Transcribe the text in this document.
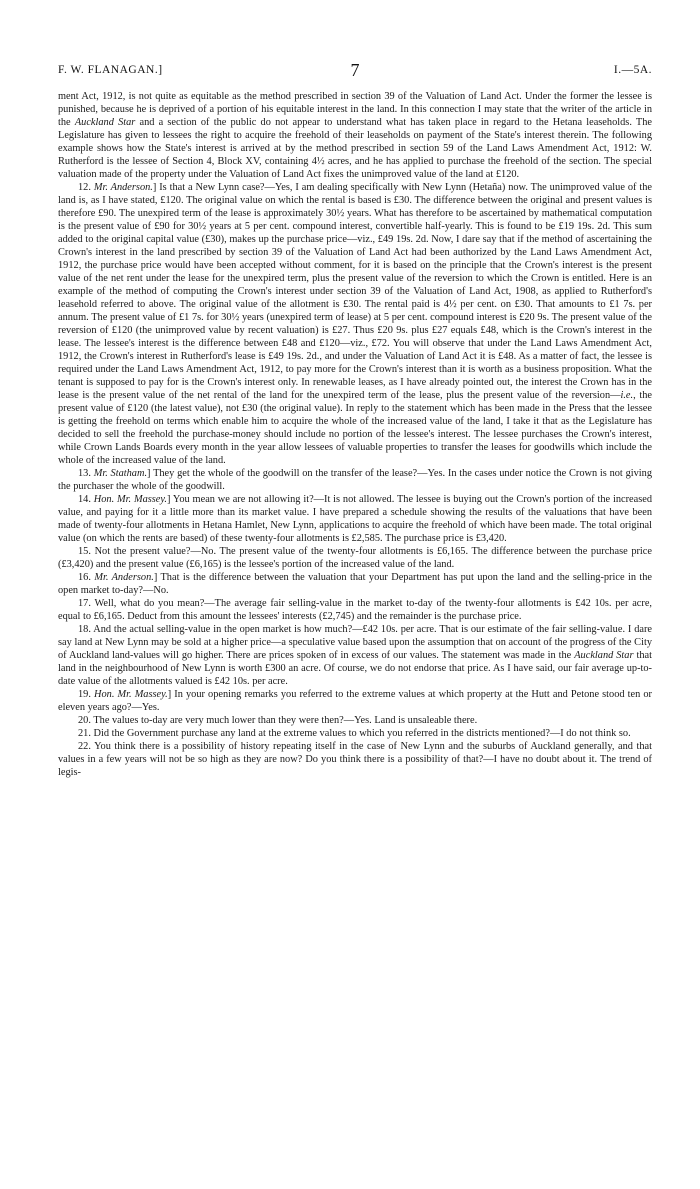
F. W. FLANAGAN.]	7	I.—5A.

ment Act, 1912, is not quite as equitable as the method prescribed in section 39 of the Valuation of Land Act. Under the former the lessee is punished, because he is deprived of a portion of his equitable interest in the land. In this connection I may state that the writer of the article in the Auckland Star and a section of the public do not appear to understand what has taken place in regard to the Hetana leaseholds. The Legislature has given to lessees the right to acquire the freehold of their leaseholds on payment of the State's interest therein. The following example shows how the State's interest is arrived at by the method prescribed in section 59 of the Land Laws Amendment Act, 1912: W. Rutherford is the lessee of Section 4, Block XV, containing 4½ acres, and he has applied to purchase the freehold of the section. The special valuation made of the property under the Valuation of Land Act fixes the unimproved value of the land at £120.

12. Mr. Anderson.] Is that a New Lynn case?—Yes, I am dealing specifically with New Lynn (Hetaña) now. The unimproved value of the land is, as I have stated, £120. The original value on which the rental is based is £30. The difference between the original and present values is therefore £90. The unexpired term of the lease is approximately 30½ years. What has therefore to be ascertained by mathematical computation is the present value of £90 for 30½ years at 5 per cent. compound interest, convertible half-yearly. This is found to be £19 19s. 2d. This sum added to the original capital value (£30), makes up the purchase price—viz., £49 19s. 2d. Now, I dare say that if the method of ascertaining the Crown's interest in the land prescribed by section 39 of the Valuation of Land Act had been authorized by the Land Laws Amendment Act, 1912, the purchase price would have been accepted without comment, for it is based on the principle that the Crown's interest is the present value of the net rent under the lease for the unexpired term, plus the present value of the reversion to which the Crown is entitled. Here is an example of the method of computing the Crown's interest under section 39 of the Valuation of Land Act, 1908, as applied to Rutherford's leasehold referred to above. The original value of the allotment is £30. The rental paid is 4½ per cent. on £30. That amounts to £1 7s. per annum. The present value of £1 7s. for 30½ years (unexpired term of lease) at 5 per cent. compound interest is £20 9s. The present value of the reversion of £120 (the unimproved value by recent valuation) is £27. Thus £20 9s. plus £27 equals £48, which is the Crown's interest in the lease. The lessee's interest is the difference between £48 and £120—viz., £72. You will observe that under the Land Laws Amendment Act, 1912, the Crown's interest in Rutherford's lease is £49 19s. 2d., and under the Valuation of Land Act it is £48. As a matter of fact, the lessee is required under the Land Laws Amendment Act, 1912, to pay more for the Crown's interest than it is worth as a business proposition. What the tenant is supposed to pay for is the Crown's interest only. In renewable leases, as I have already pointed out, the interest the Crown has in the lease is the present value of the net rental of the land for the unexpired term of the lease, plus the present value of the reversion—i.e., the present value of £120 (the latest value), not £30 (the original value). In reply to the statement which has been made in the Press that the lessee is getting the freehold on terms which enable him to acquire the whole of the increased value of the land, I take it that as the Legislature has decided to sell the freehold the purchase-money should include no portion of the lessee's interest. The lessee purchases the Crown's interest, while Crown Lands Boards every month in the year allow lessees of valuable properties to transfer the leases for goodwills which include the whole of the increased value of the land.

13. Mr. Statham.] They get the whole of the goodwill on the transfer of the lease?—Yes. In the cases under notice the Crown is not giving the purchaser the whole of the goodwill.

14. Hon. Mr. Massey.] You mean we are not allowing it?—It is not allowed. The lessee is buying out the Crown's portion of the increased value, and paying for it a little more than its market value. I have prepared a schedule showing the results of the valuations that have been made of twenty-four allotments in Hetana Hamlet, New Lynn, applications to acquire the freehold of which have been made. The total original value (on which the rents are based) of these twenty-four allotments is £2,585. The purchase price is £3,420.

15. Not the present value?—No. The present value of the twenty-four allotments is £6,165. The difference between the purchase price (£3,420) and the present value (£6,165) is the lessee's portion of the increased value of the land.

16. Mr. Anderson.] That is the difference between the valuation that your Department has put upon the land and the selling-price in the open market to-day?—No.

17. Well, what do you mean?—The average fair selling-value in the market to-day of the twenty-four allotments is £42 10s. per acre, equal to £6,165. Deduct from this amount the lessees' interests (£2,745) and the remainder is the purchase price.

18. And the actual selling-value in the open market is how much?—£42 10s. per acre. That is our estimate of the fair selling-value. I dare say land at New Lynn may be sold at a higher price—a speculative value based upon the assumption that on account of the progress of the City of Auckland land-values will go higher. There are prices spoken of in excess of our values. The statement was made in the Auckland Star that land in the neighbourhood of New Lynn is worth £300 an acre. Of course, we do not endorse that price. As I have said, our fair average up-to-date value of the allotments valued is £42 10s. per acre.

19. Hon. Mr. Massey.] In your opening remarks you referred to the extreme values at which property at the Hutt and Petone stood ten or eleven years ago?—Yes.

20. The values to-day are very much lower than they were then?—Yes. Land is unsaleable there.

21. Did the Government purchase any land at the extreme values to which you referred in the districts mentioned?—I do not think so.

22. You think there is a possibility of history repeating itself in the case of New Lynn and the suburbs of Auckland generally, and that values in a few years will not be so high as they are now? Do you think there is a possibility of that?—I have no doubt about it. The trend of legis-
